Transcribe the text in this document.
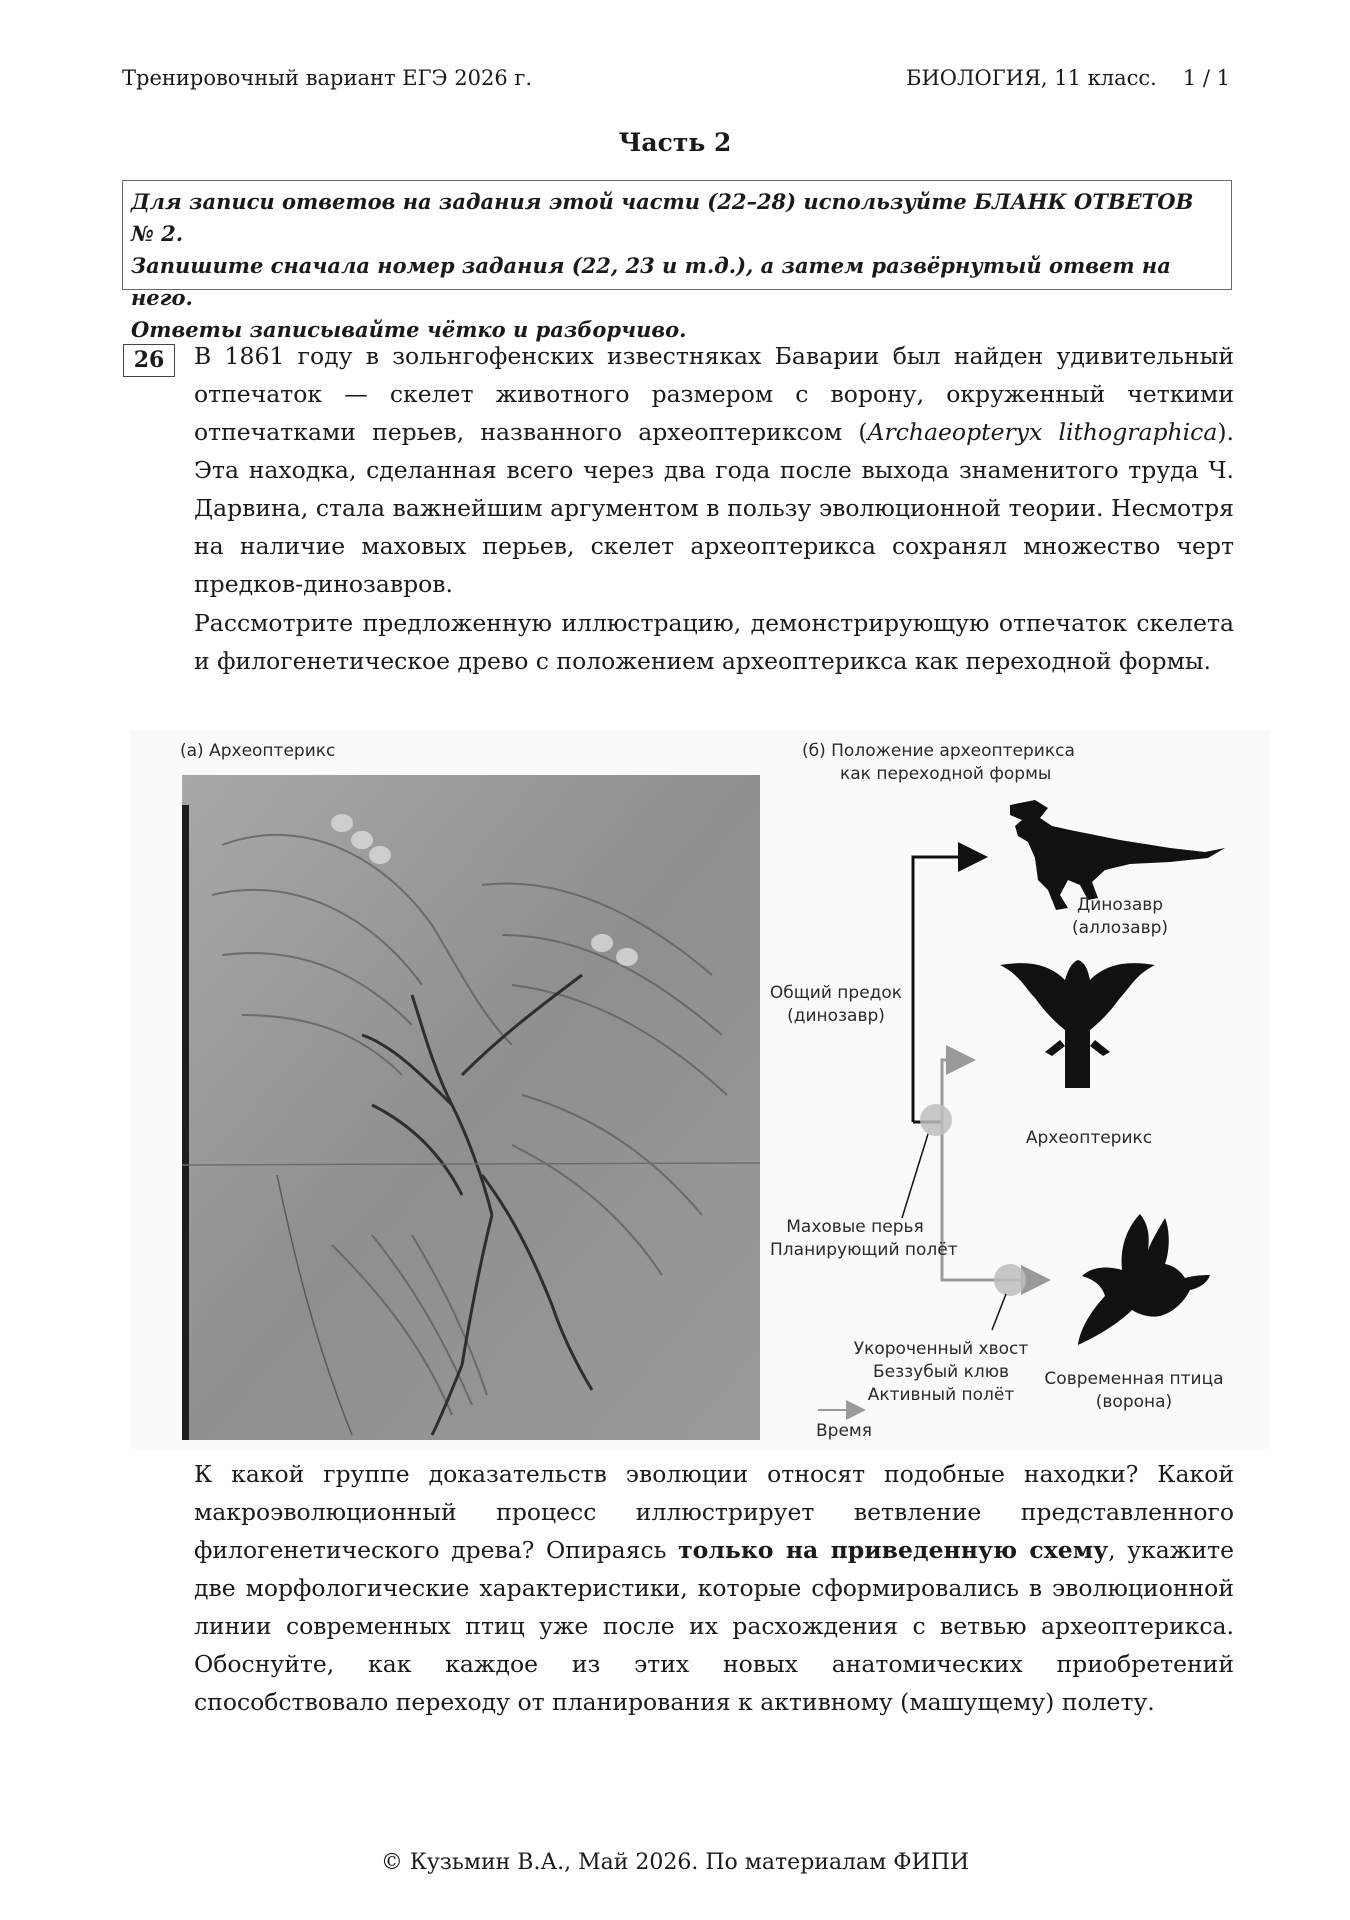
Тренировочный вариант ЕГЭ 2026 г.	БИОЛОГИЯ, 11 класс. 1 / 1
Часть 2
Для записи ответов на задания этой части (22–28) используйте БЛАНК ОТВЕТОВ № 2.
Запишите сначала номер задания (22, 23 и т.д.), а затем развёрнутый ответ на него.
Ответы записывайте чётко и разборчиво.
26	В 1861 году в зольнгофенских известняках Баварии был найден удивительный отпечаток — скелет животного размером с ворону, окруженный четкими отпечатками перьев, названного археоптериксом (Archaeopteryx lithographica). Эта находка, сделанная всего через два года после выхода знаменитого труда Ч. Дарвина, стала важнейшим аргументом в пользу эволюционной теории. Несмотря на наличие маховых перьев, скелет археоптерикса сохранял множество черт предков-динозавров.
Рассмотрите предложенную иллюстрацию, демонстрирующую отпечаток скелета и филогенетическое древо с положением археоптерикса как переходной формы.
(а) Археоптерикс	(б) Положение археоптерикса
как переходной формы
Динозавр
(аллозавр)
Общий предок
(динозавр)
Археоптерикс
Маховые перья
Планирующий полёт
Укороченный хвост
Беззубый клюв
Активный полёт
Современная птица
(ворона)
Время
К какой группе доказательств эволюции относят подобные находки? Какой макроэволюционный процесс иллюстрирует ветвление представленного филогенетического древа? Опираясь только на приведенную схему, укажите две морфологические характеристики, которые сформировались в эволюционной линии современных птиц уже после их расхождения с ветвью археоптерикса. Обоснуйте, как каждое из этих новых анатомических приобретений способствовало переходу от планирования к активному (машущему) полету.
© Кузьмин В.А., Май 2026. По материалам ФИПИ
